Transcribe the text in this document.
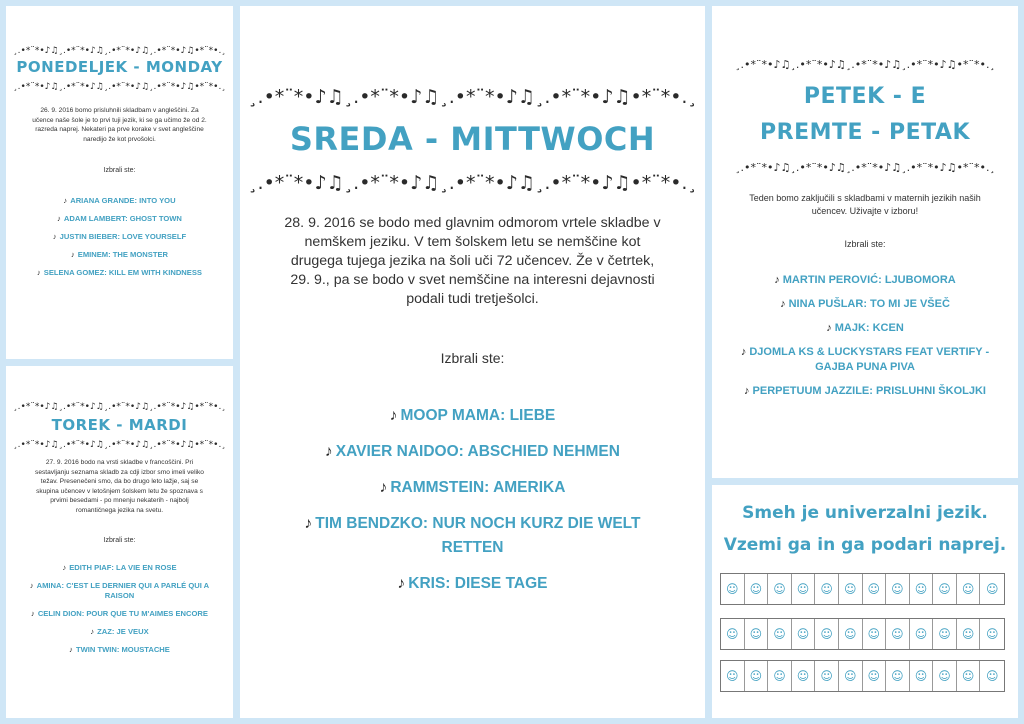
¸.•*¨*•♪♫¸.•*¨*•♪♫¸.•*¨*•♪♫¸.•*¨*•♪♫•*¨*•.¸
PONEDELJEK - MONDAY
¸.•*¨*•♪♫¸.•*¨*•♪♫¸.•*¨*•♪♫¸.•*¨*•♪♫•*¨*•.¸
26. 9. 2016 bomo prisluhnili skladbam v angleščini. Za učence naše šole je to prvi tuji jezik, ki se ga učimo že od 2. razreda naprej. Nekateri pa prve korake v svet angleščine naredijo že kot prvošolci.
Izbrali ste:
♪ ARIANA GRANDE: INTO YOU
♪ ADAM LAMBERT: GHOST TOWN
♪ JUSTIN BIEBER: LOVE YOURSELF
♪ EMINEM: THE MONSTER
♪ SELENA GOMEZ: KILL EM WITH KINDNESS
¸.•*¨*•♪♫¸.•*¨*•♪♫¸.•*¨*•♪♫¸.•*¨*•♪♫•*¨*•.¸
TOREK - MARDI
¸.•*¨*•♪♫¸.•*¨*•♪♫¸.•*¨*•♪♫¸.•*¨*•♪♫•*¨*•.¸
27. 9. 2016 bodo na vrsti skladbe v francoščini. Pri sestavljanju seznama skladb za cdji izbor smo imeli veliko težav. Presenečeni smo, da bo drugo leto lažje, saj se skupina učencev v letošnjem šolskem letu že spoznava s prvimi besedami - po mnenju nekaterih - najbolj romantičnega jezika na svetu.
Izbrali ste:
♪ EDITH PIAF: LA VIE EN ROSE
♪ AMINA: C'EST LE DERNIER QUI A PARLÉ QUI A RAISON
♪ CELIN DION: POUR QUE TU M'AIMES ENCORE
♪ ZAZ: JE VEUX
♪ TWIN TWIN: MOUSTACHE
¸.•*¨*•♪♫¸.•*¨*•♪♫¸.•*¨*•♪♫¸.•*¨*•♪♫•*¨*•.¸
SREDA - MITTWOCH
¸.•*¨*•♪♫¸.•*¨*•♪♫¸.•*¨*•♪♫¸.•*¨*•♪♫•*¨*•.¸
28. 9. 2016 se bodo med glavnim odmorom vrtele skladbe v nemškem jeziku. V tem šolskem letu se nemščine kot drugega tujega jezika na šoli uči 72 učencev. Že v četrtek, 29. 9., pa se bodo v svet nemščine na interesni dejavnosti podali tudi tretješolci.
Izbrali ste:
♪ MOOP MAMA: LIEBE
♪ XAVIER NAIDOO: ABSCHIED NEHMEN
♪ RAMMSTEIN: AMERIKA
♪ TIM BENDZKO: NUR NOCH KURZ DIE WELT RETTEN
♪ KRIS: DIESE TAGE
¸.•*¨*•♪♫¸.•*¨*•♪♫¸.•*¨*•♪♫¸.•*¨*•♪♫•*¨*•.¸
PETEK - E PREMTE - PETAK
¸.•*¨*•♪♫¸.•*¨*•♪♫¸.•*¨*•♪♫¸.•*¨*•♪♫•*¨*•.¸
Teden bomo zaključili s skladbami v maternih jezikih naših učencev. Uživajte v izboru!
Izbrali ste:
♪ MARTIN PEROVIĆ: LJUBOMORA
♪ NINA PUŠLAR: TO MI JE VŠEČ
♪ MAJK: KCEN
♪ DJOMLA KS & LUCKYSTARS FEAT VERTIFY - GAJBA PUNA PIVA
♪ PERPETUUM JAZZILE: PRISLUHNI ŠKOLJKI
Smeh je univerzalni jezik.
Vzemi ga in ga podari naprej.
☺ ☺ ☺ ☺ ☺ ☺ ☺ ☺ ☺ ☺ ☺ ☺
☺ ☺ ☺ ☺ ☺ ☺ ☺ ☺ ☺ ☺ ☺ ☺
☺ ☺ ☺ ☺ ☺ ☺ ☺ ☺ ☺ ☺ ☺ ☺
